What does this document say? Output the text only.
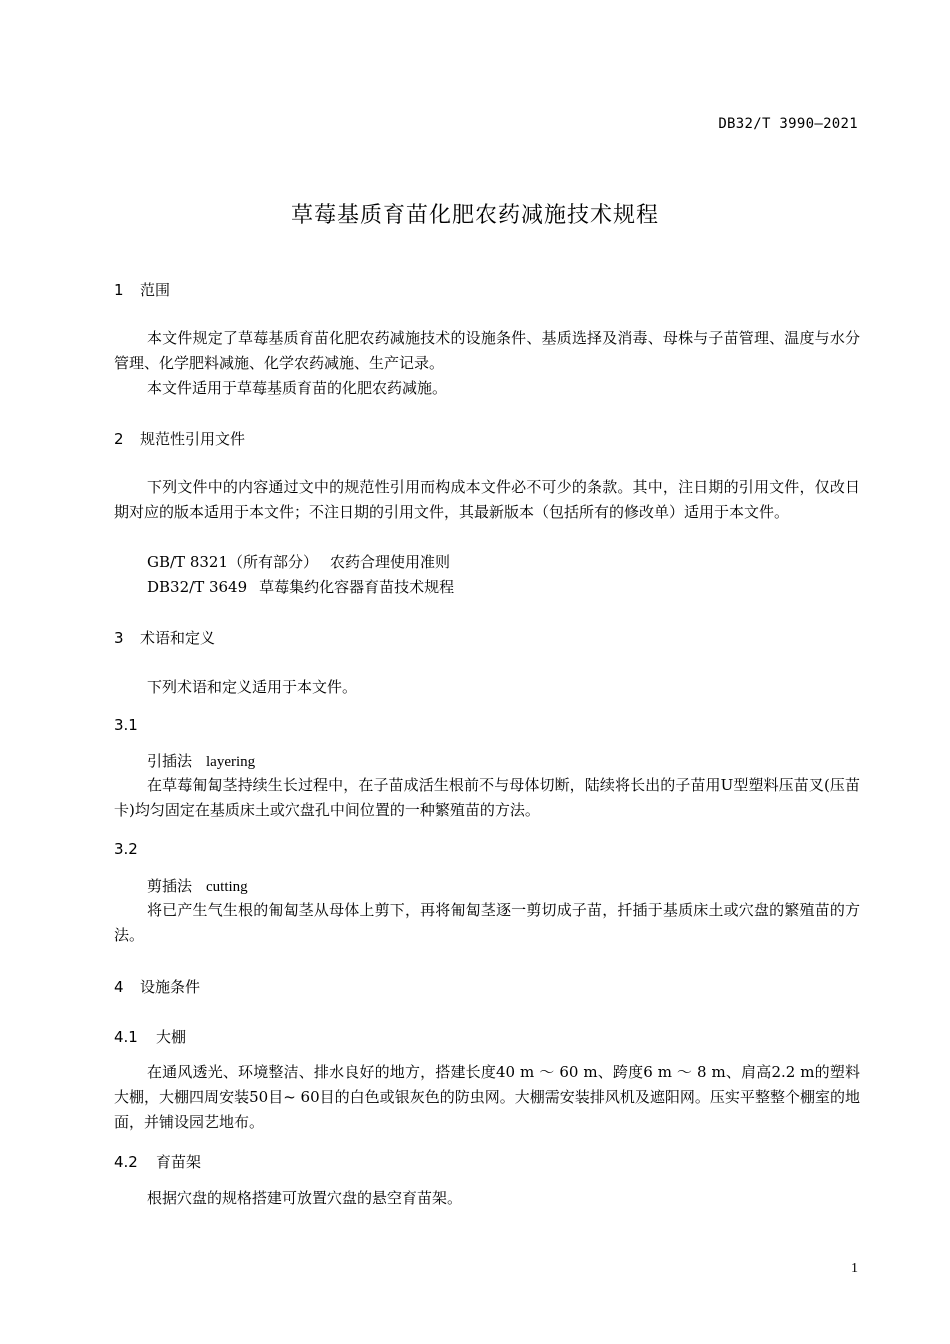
DB32/T 3990—2021
草莓基质育苗化肥农药减施技术规程
1 范围
本文件规定了草莓基质育苗化肥农药减施技术的设施条件、基质选择及消毒、母株与子苗管理、温度与水分管理、化学肥料减施、化学农药减施、生产记录。
本文件适用于草莓基质育苗的化肥农药减施。
2 规范性引用文件
下列文件中的内容通过文中的规范性引用而构成本文件必不可少的条款。其中，注日期的引用文件，仅改日期对应的版本适用于本文件；不注日期的引用文件，其最新版本（包括所有的修改单）适用于本文件。
GB/T 8321（所有部分） 农药合理使用准则
DB32/T 3649 草莓集约化容器育苗技术规程
3 术语和定义
下列术语和定义适用于本文件。
3.1
引插法 layering
在草莓匍匐茎持续生长过程中，在子苗成活生根前不与母体切断，陆续将长出的子苗用U型塑料压苗叉(压苗卡)均匀固定在基质床土或穴盘孔中间位置的一种繁殖苗的方法。
3.2
剪插法 cutting
将已产生气生根的匍匐茎从母体上剪下，再将匍匐茎逐一剪切成子苗，扦插于基质床土或穴盘的繁殖苗的方法。
4 设施条件
4.1 大棚
在通风透光、环境整洁、排水良好的地方，搭建长度40 m ～ 60 m、跨度6 m ～ 8 m、肩高2.2 m的塑料大棚，大棚四周安装50目~ 60目的白色或银灰色的防虫网。大棚需安装排风机及遮阳网。压实平整整个棚室的地面，并铺设园艺地布。
4.2 育苗架
根据穴盘的规格搭建可放置穴盘的悬空育苗架。
1
